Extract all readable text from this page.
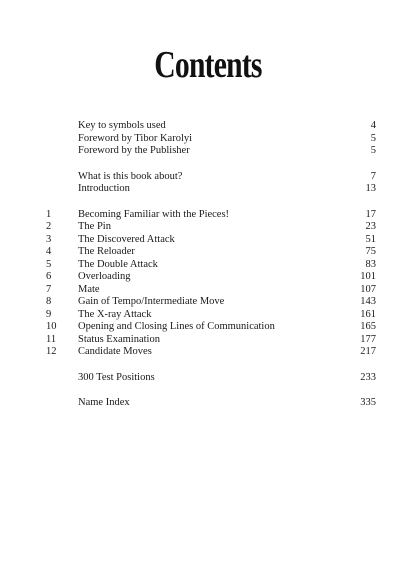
Contents
Key to symbols used	4
Foreword by Tibor Karolyi	5
Foreword by the Publisher	5
What is this book about?	7
Introduction	13
1	Becoming Familiar with the Pieces!	17
2	The Pin	23
3	The Discovered Attack	51
4	The Reloader	75
5	The Double Attack	83
6	Overloading	101
7	Mate	107
8	Gain of Tempo/Intermediate Move	143
9	The X-ray Attack	161
10 Opening and Closing Lines of Communication	165
11 Status Examination	177
12 Candidate Moves	217
300 Test Positions	233
Name Index	335
